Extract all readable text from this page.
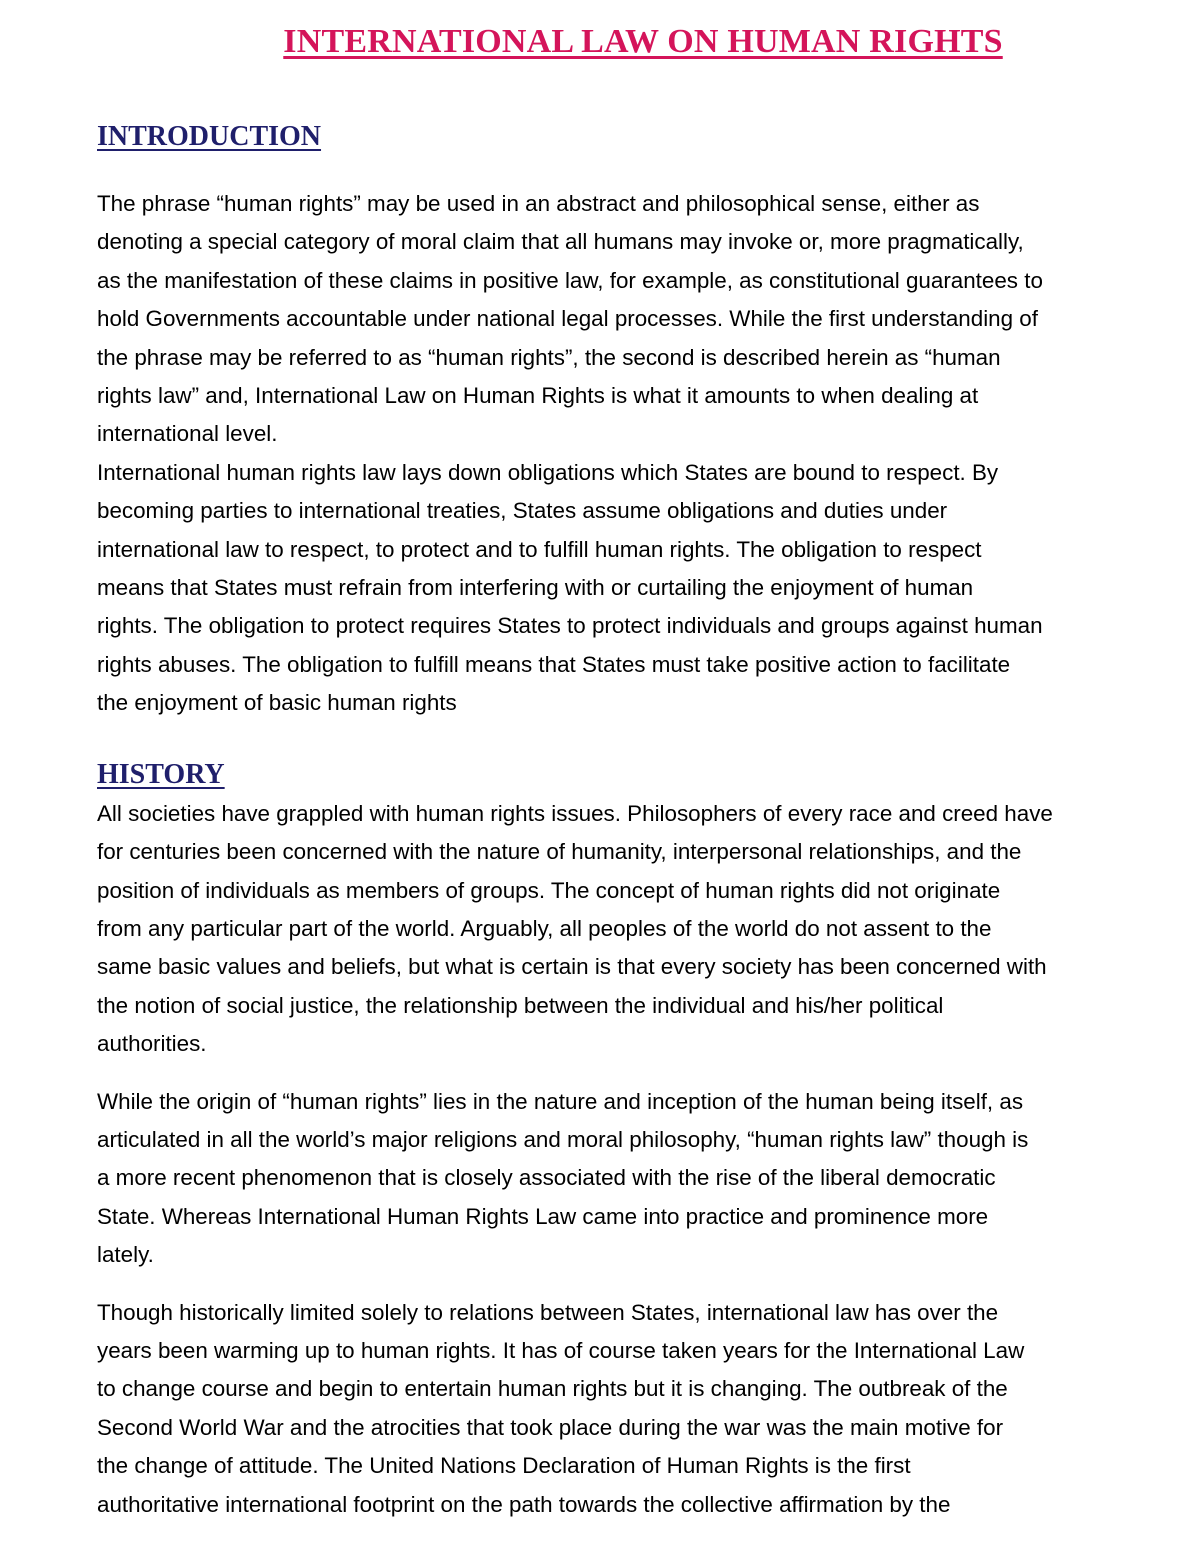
INTERNATIONAL LAW ON HUMAN RIGHTS
INTRODUCTION

The phrase “human rights” may be used in an abstract and philosophical sense, either as
denoting a special category of moral claim that all humans may invoke or, more pragmatically,
as the manifestation of these claims in positive law, for example, as constitutional guarantees to
hold Governments accountable under national legal processes. While the first understanding of
the phrase may be referred to as “human rights”, the second is described herein as “human
rights law” and, International Law on Human Rights is what it amounts to when dealing at
international level.

International human rights law lays down obligations which States are bound to respect. By
becoming parties to international treaties, States assume obligations and duties under
international law to respect, to protect and to fulfill human rights. The obligation to respect
means that States must refrain from interfering with or curtailing the enjoyment of human
rights. The obligation to protect requires States to protect individuals and groups against human
rights abuses. The obligation to fulfill means that States must take positive action to facilitate
the enjoyment of basic human rights

HISTORY

All societies have grappled with human rights issues. Philosophers of every race and creed have
for centuries been concerned with the nature of humanity, interpersonal relationships, and the
position of individuals as members of groups. The concept of human rights did not originate
from any particular part of the world. Arguably, all peoples of the world do not assent to the
same basic values and beliefs, but what is certain is that every society has been concerned with
the notion of social justice, the relationship between the individual and his/her political
authorities.

While the origin of “human rights” lies in the nature and inception of the human being itself, as
articulated in all the world’s major religions and moral philosophy, “human rights law” though is
a more recent phenomenon that is closely associated with the rise of the liberal democratic
State. Whereas International Human Rights Law came into practice and prominence more
lately.

Though historically limited solely to relations between States, international law has over the
years been warming up to human rights. It has of course taken years for the International Law
to change course and begin to entertain human rights but it is changing. The outbreak of the
Second World War and the atrocities that took place during the war was the main motive for
the change of attitude. The United Nations Declaration of Human Rights is the first
authoritative international footprint on the path towards the collective affirmation by the
